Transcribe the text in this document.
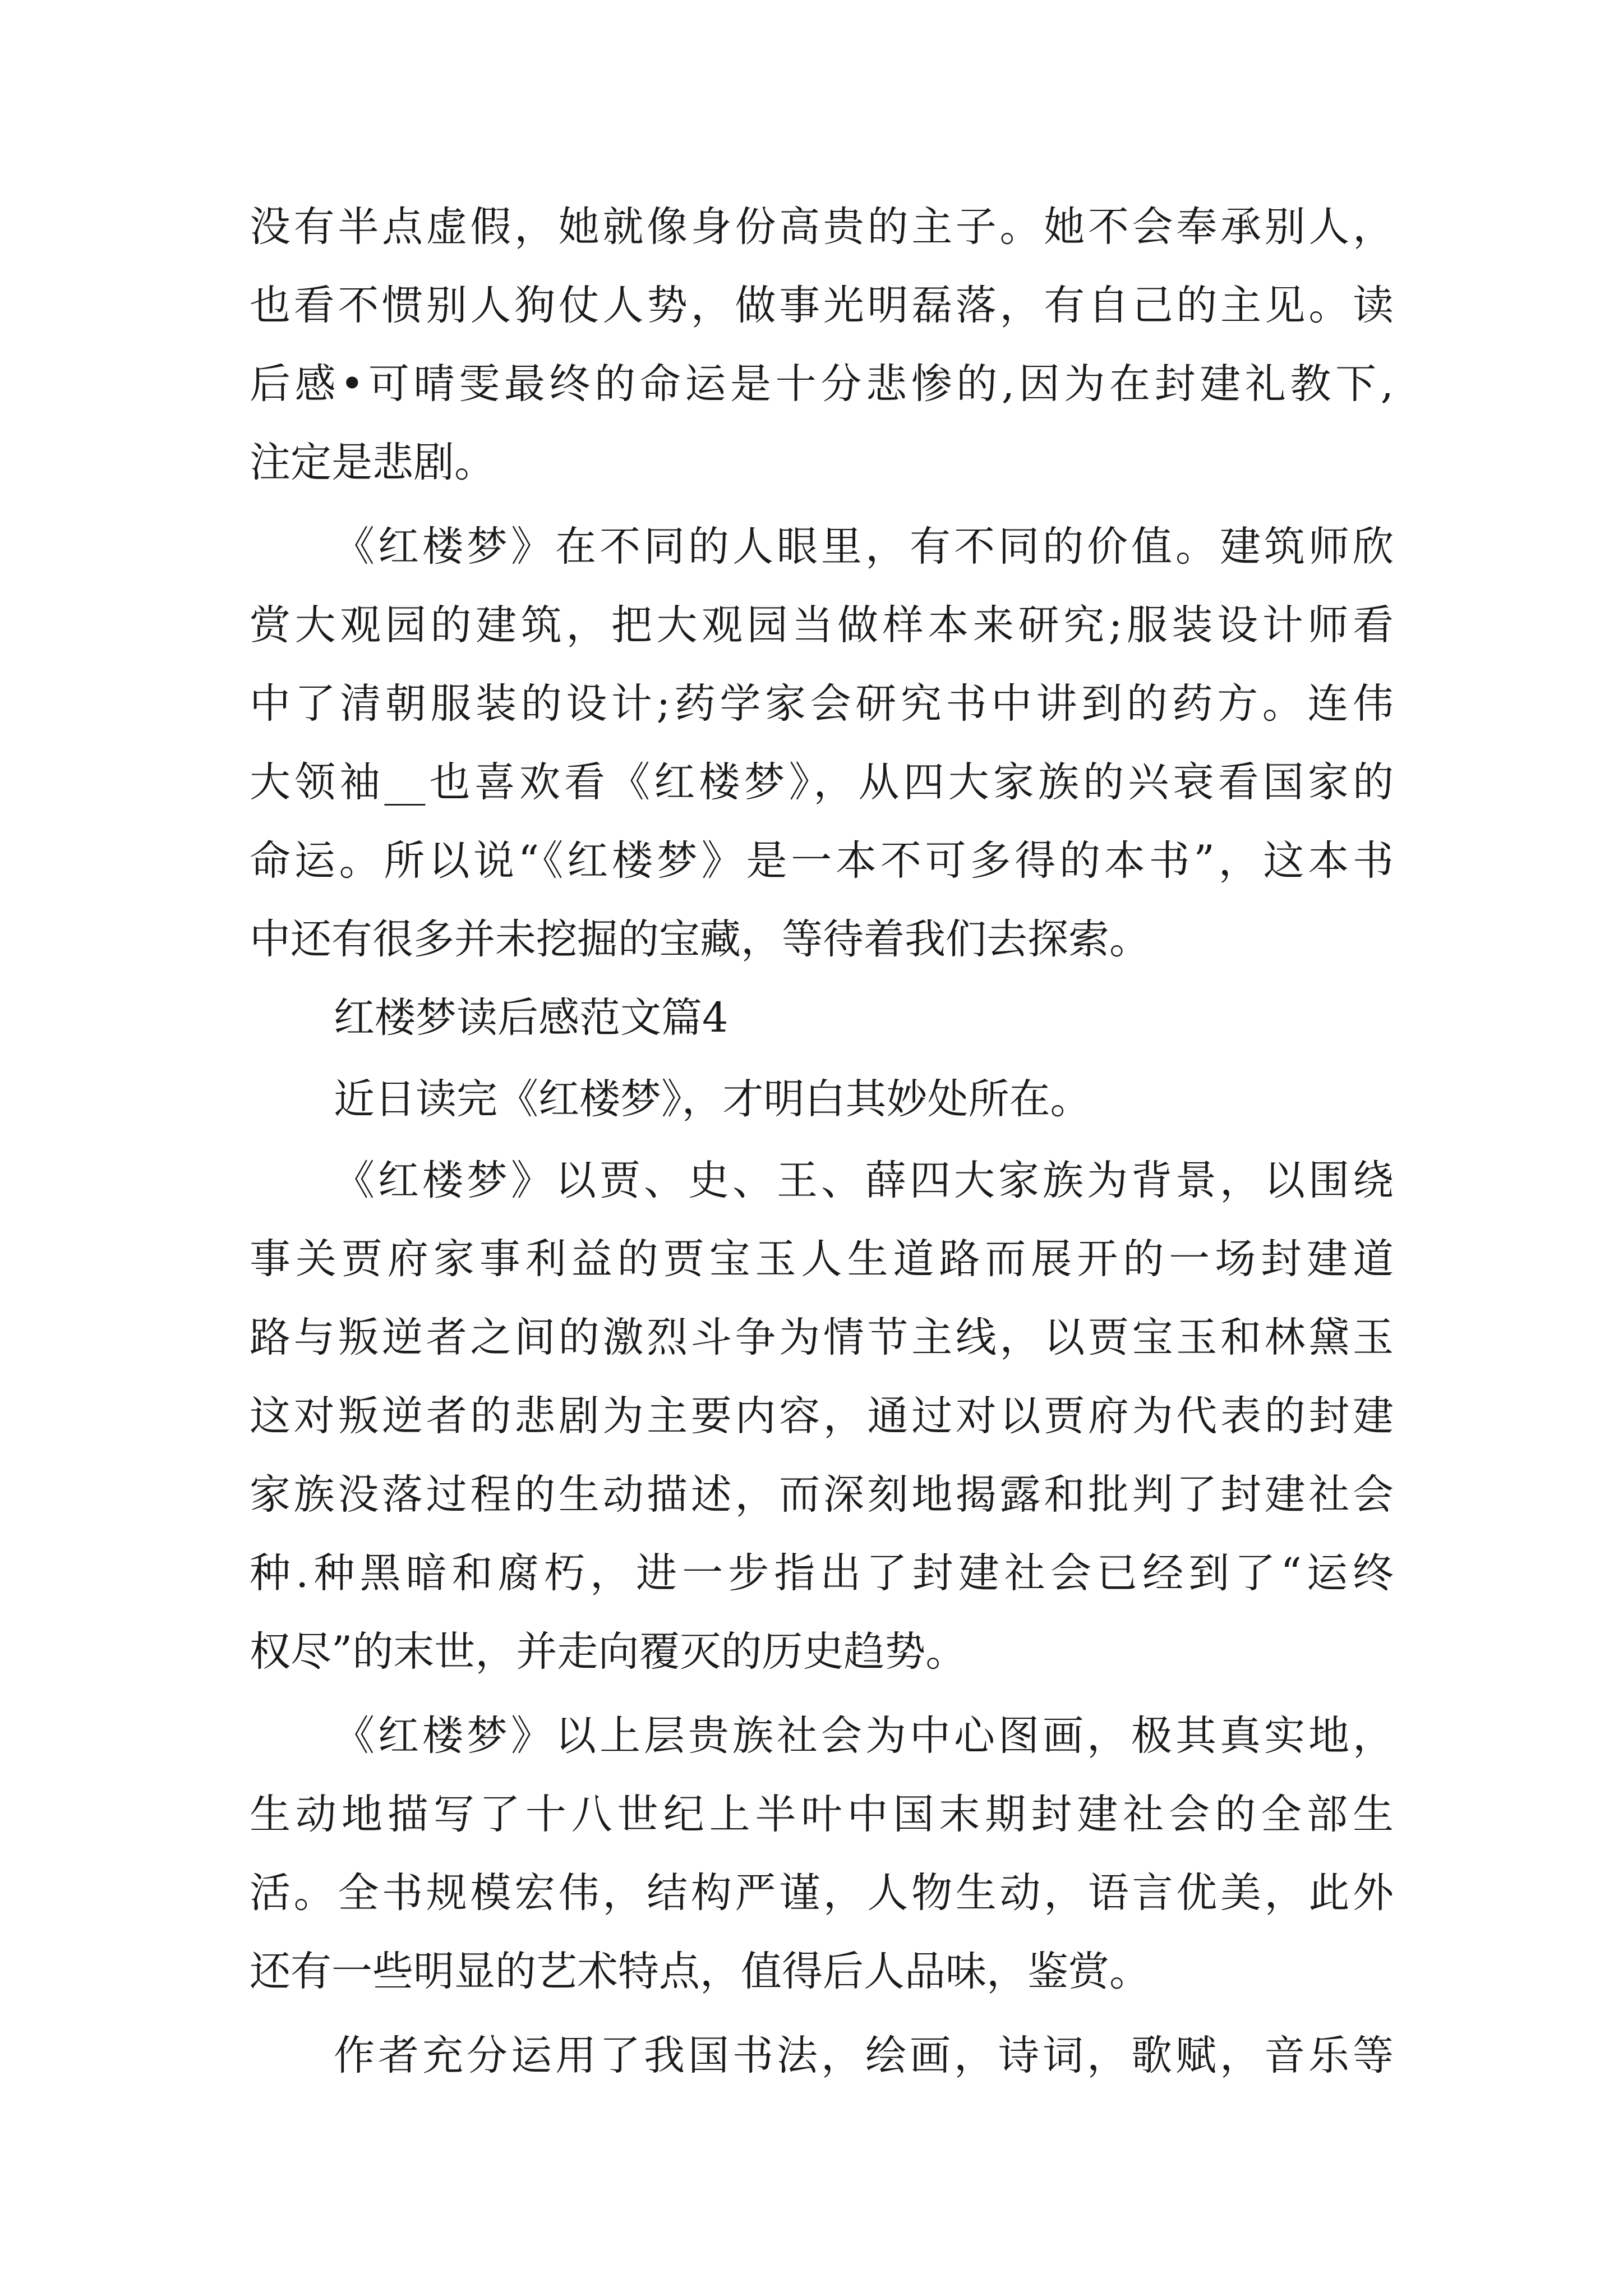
没有半点虚假，她就像身份高贵的主子。她不会奉承别人，
也看不惯别人狗仗人势，做事光明磊落，有自己的主见。读
后感•可晴雯最终的命运是十分悲惨的,因为在封建礼教下,
注定是悲剧。
《红楼梦》在不同的人眼里，有不同的价值。建筑师欣
赏大观园的建筑，把大观园当做样本来研究;服装设计师看
中了清朝服装的设计;药学家会研究书中讲到的药方。连伟
大领袖__也喜欢看《红楼梦》，从四大家族的兴衰看国家的
命运。所以说“《红楼梦》是一本不可多得的本书”，这本书
中还有很多并未挖掘的宝藏，等待着我们去探索。
红楼梦读后感范文篇4
近日读完《红楼梦》，才明白其妙处所在。
《红楼梦》以贾、史、王、薛四大家族为背景，以围绕
事关贾府家事利益的贾宝玉人生道路而展开的一场封建道
路与叛逆者之间的激烈斗争为情节主线，以贾宝玉和林黛玉
这对叛逆者的悲剧为主要内容，通过对以贾府为代表的封建
家族没落过程的生动描述，而深刻地揭露和批判了封建社会
种.种黑暗和腐朽，进一步指出了封建社会已经到了“运终
权尽”的末世，并走向覆灭的历史趋势。
《红楼梦》以上层贵族社会为中心图画，极其真实地，
生动地描写了十八世纪上半叶中国末期封建社会的全部生
活。全书规模宏伟，结构严谨，人物生动，语言优美，此外
还有一些明显的艺术特点，值得后人品味，鉴赏。
作者充分运用了我国书法，绘画，诗词，歌赋，音乐等
